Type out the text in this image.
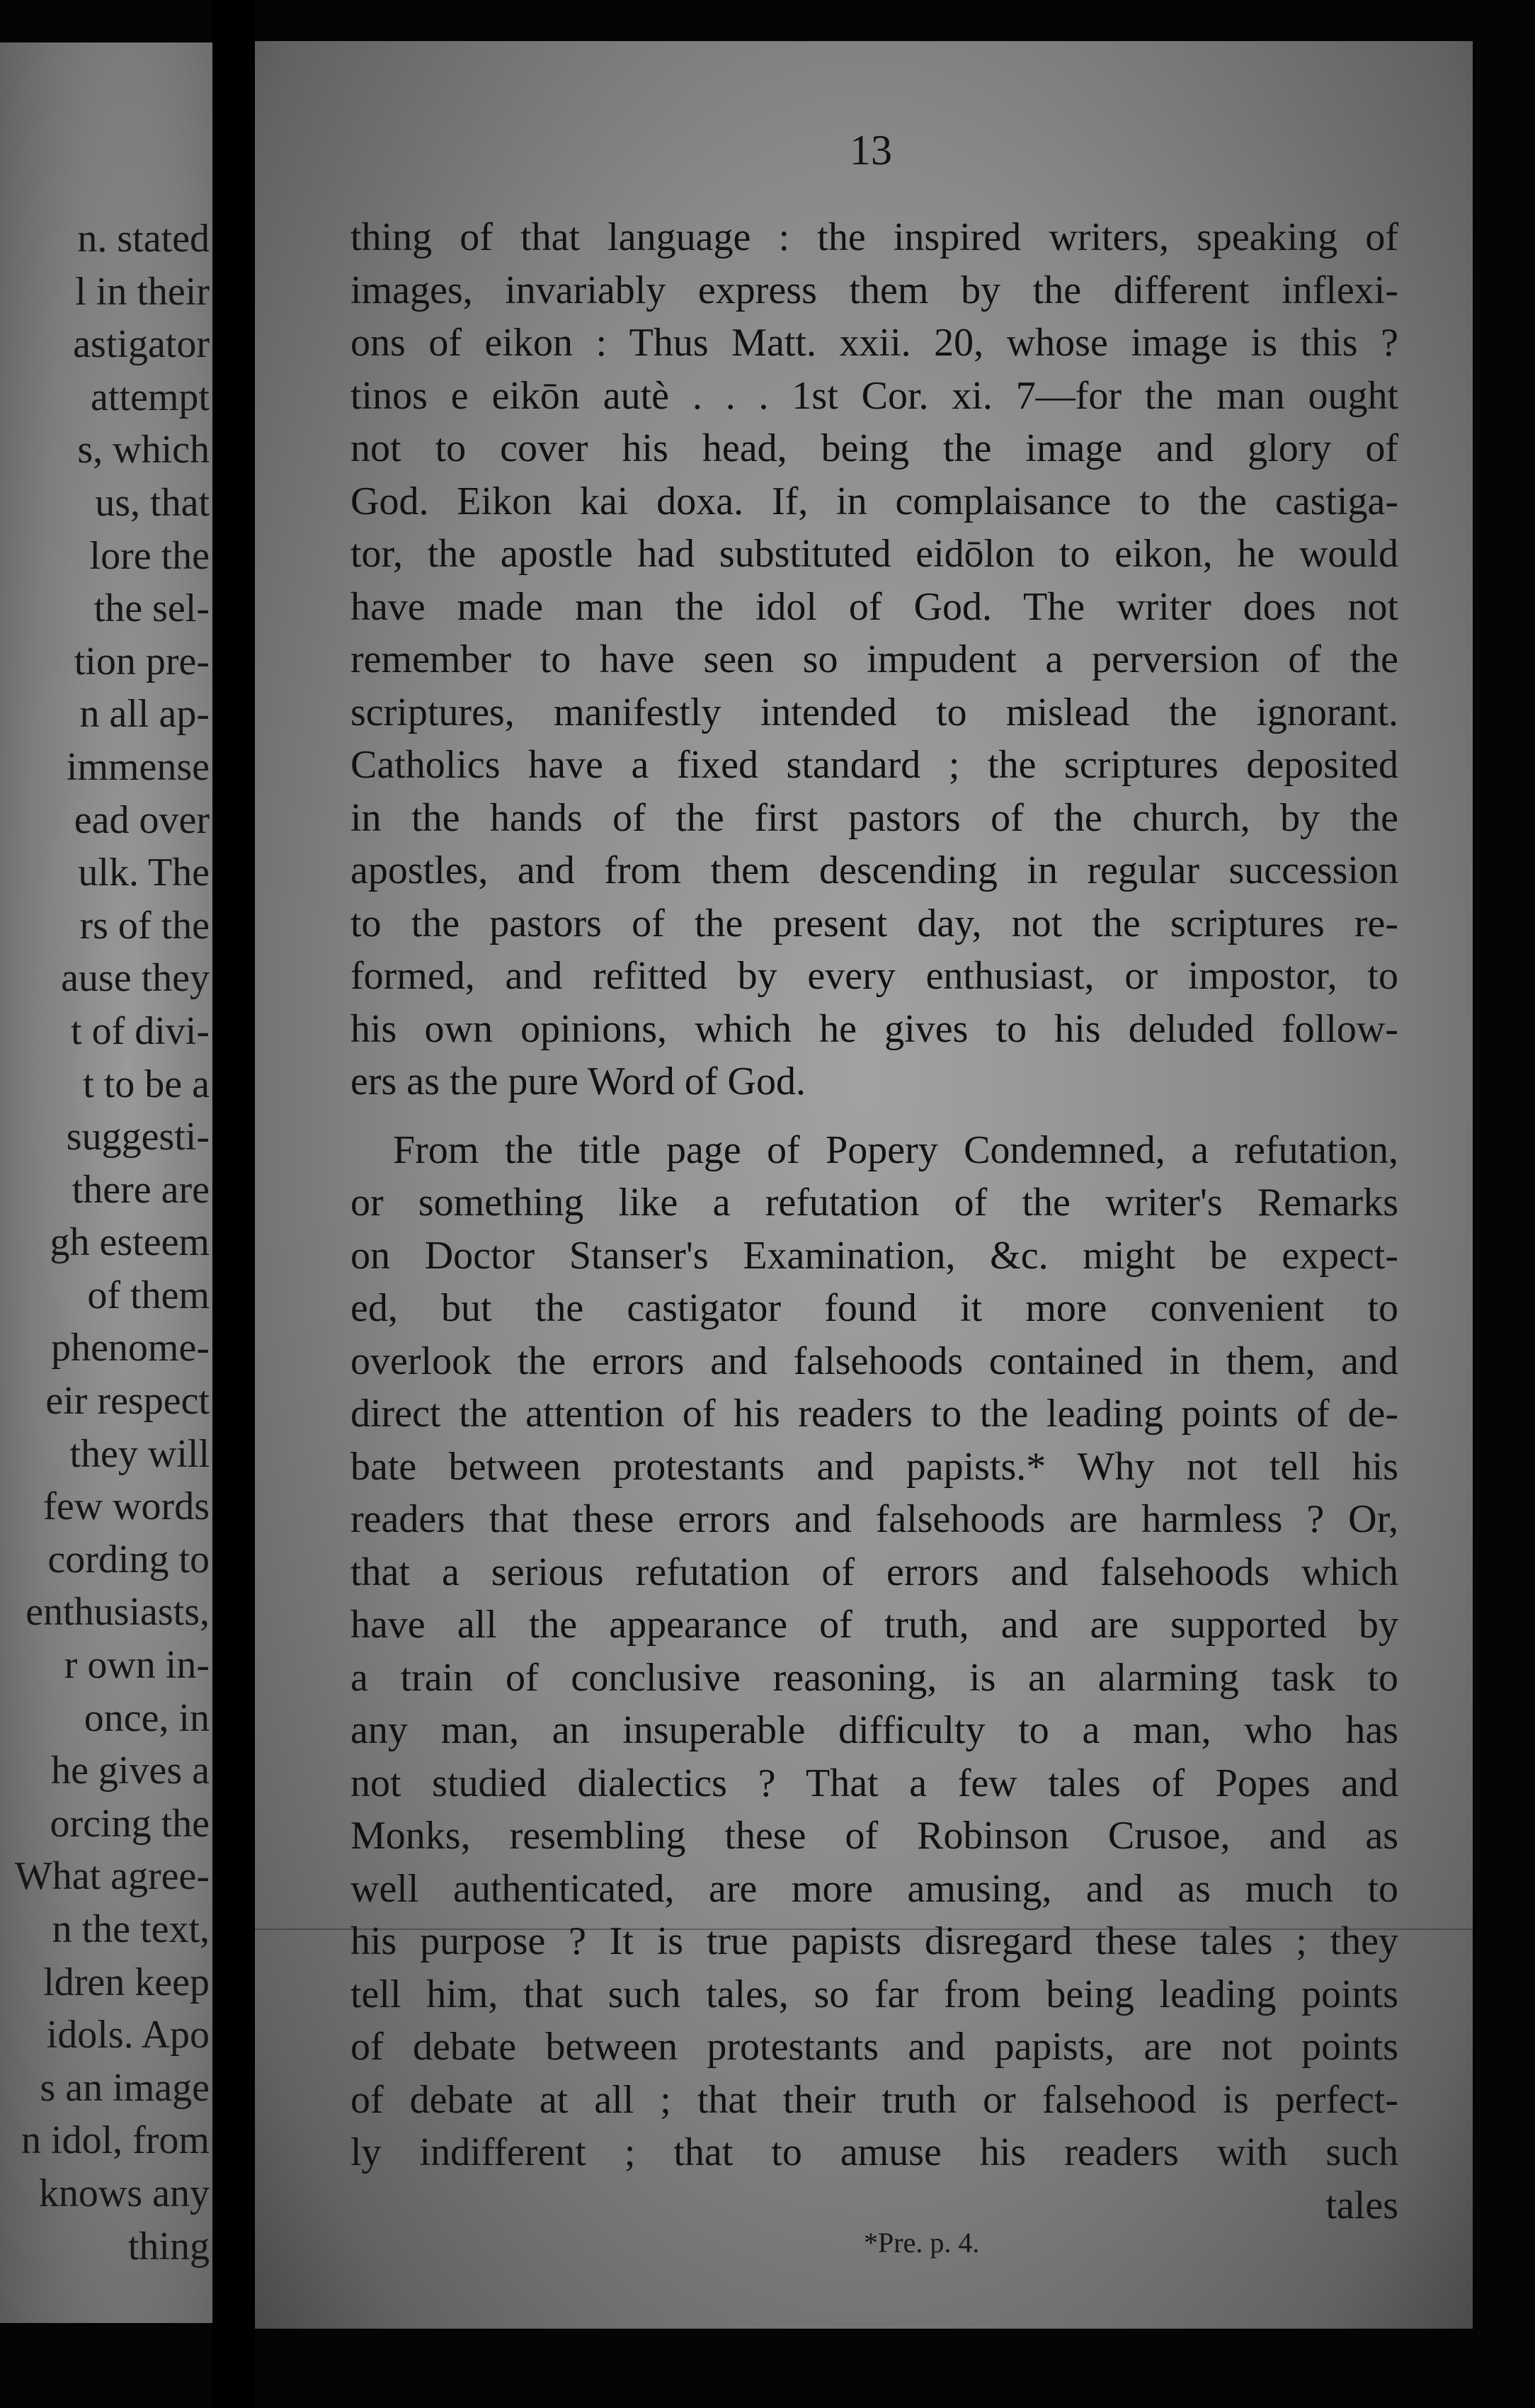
n. stated
l in their
astigator
attempt
s, which
us, that
lore the
the sel-
tion pre-
n all ap-
immense
ead over
ulk. The
rs of the
ause they
t of divi-
t to be a
suggesti-
there are
gh esteem
of them
phenome-
eir respect
they will
few words
cording to
enthusiasts,
r own in-
once, in
he gives a
orcing the
What agree-
n the text,
ldren keep
idols. Apo
s an image
n idol, from
knows any
thing
13
thing of that language : the inspired writers, speaking of
images, invariably express them by the different inflexi-
ons of eikon : Thus Matt. xxii. 20, whose image is this ?
tinos e eikōn autè . . . 1st Cor. xi. 7—for the man ought
not to cover his head, being the image and glory of
God. Eikon kai doxa. If, in complaisance to the castiga-
tor, the apostle had substituted eidōlon to eikon, he would
have made man the idol of God. The writer does not
remember to have seen so impudent a perversion of the
scriptures, manifestly intended to mislead the ignorant.
Catholics have a fixed standard ; the scriptures deposited
in the hands of the first pastors of the church, by the
apostles, and from them descending in regular succession
to the pastors of the present day, not the scriptures re-
formed, and refitted by every enthusiast, or impostor, to
his own opinions, which he gives to his deluded follow-
ers as the pure Word of God.
From the title page of Popery Condemned, a refutation,
or something like a refutation of the writer's Remarks
on Doctor Stanser's Examination, &c. might be expect-
ed, but the castigator found it more convenient to
overlook the errors and falsehoods contained in them, and
direct the attention of his readers to the leading points of de-
bate between protestants and papists.* Why not tell his
readers that these errors and falsehoods are harmless ? Or,
that a serious refutation of errors and falsehoods which
have all the appearance of truth, and are supported by
a train of conclusive reasoning, is an alarming task to
any man, an insuperable difficulty to a man, who has
not studied dialectics ? That a few tales of Popes and
Monks, resembling these of Robinson Crusoe, and as
well authenticated, are more amusing, and as much to
his purpose ? It is true papists disregard these tales ; they
tell him, that such tales, so far from being leading points
of debate between protestants and papists, are not points
of debate at all ; that their truth or falsehood is perfect-
ly indifferent ; that to amuse his readers with such
tales
*Pre. p. 4.
